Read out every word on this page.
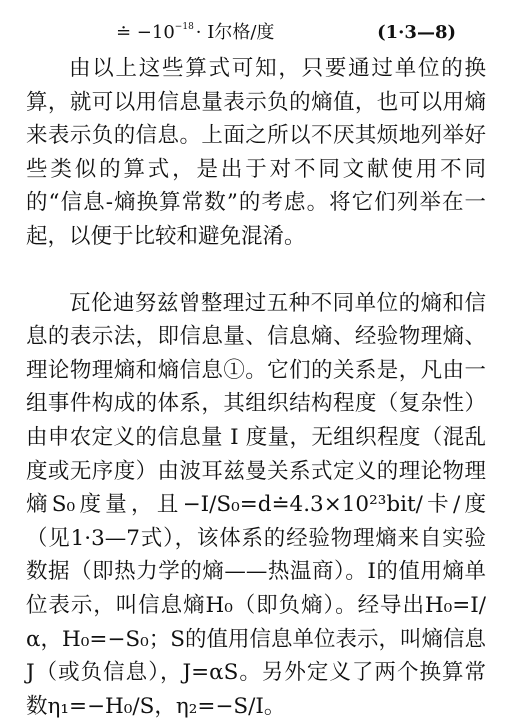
≐ $-10^{-18} \cdot I$尔格/度	(1·3—8)

由以上这些算式可知，只要通过单位的换算，就可以用信息量表示负的熵值，也可以用熵来表示负的信息。上面之所以不厌其烦地列举好些类似的算式，是出于对不同文献使用不同的“信息-熵换算常数”的考虑。将它们列举在一起，以便于比较和避免混淆。

瓦伦迪努兹曾整理过五种不同单位的熵和信息的表示法，即信息量、信息熵、经验物理熵、理论物理熵和熵信息①。它们的关系是，凡由一组事件构成的体系，其组织结构程度（复杂性）由申农定义的信息量 I 度量，无组织程度（混乱度或无序度）由波耳兹曼关系式定义的理论物理熵S₀度量，且−I/S₀=d≐4.3×10²³bit/卡/度（见1·3—7式），该体系的经验物理熵来自实验数据（即热力学的熵——热温商）。I的值用熵单位表示，叫信息熵H₀（即负熵）。经导出H₀=I/α，H₀=−S₀；S的值用信息单位表示，叫熵信息J（或负信息），J=αS。另外定义了两个换算常数η₁=−H₀/S，η₂=−S/I。
